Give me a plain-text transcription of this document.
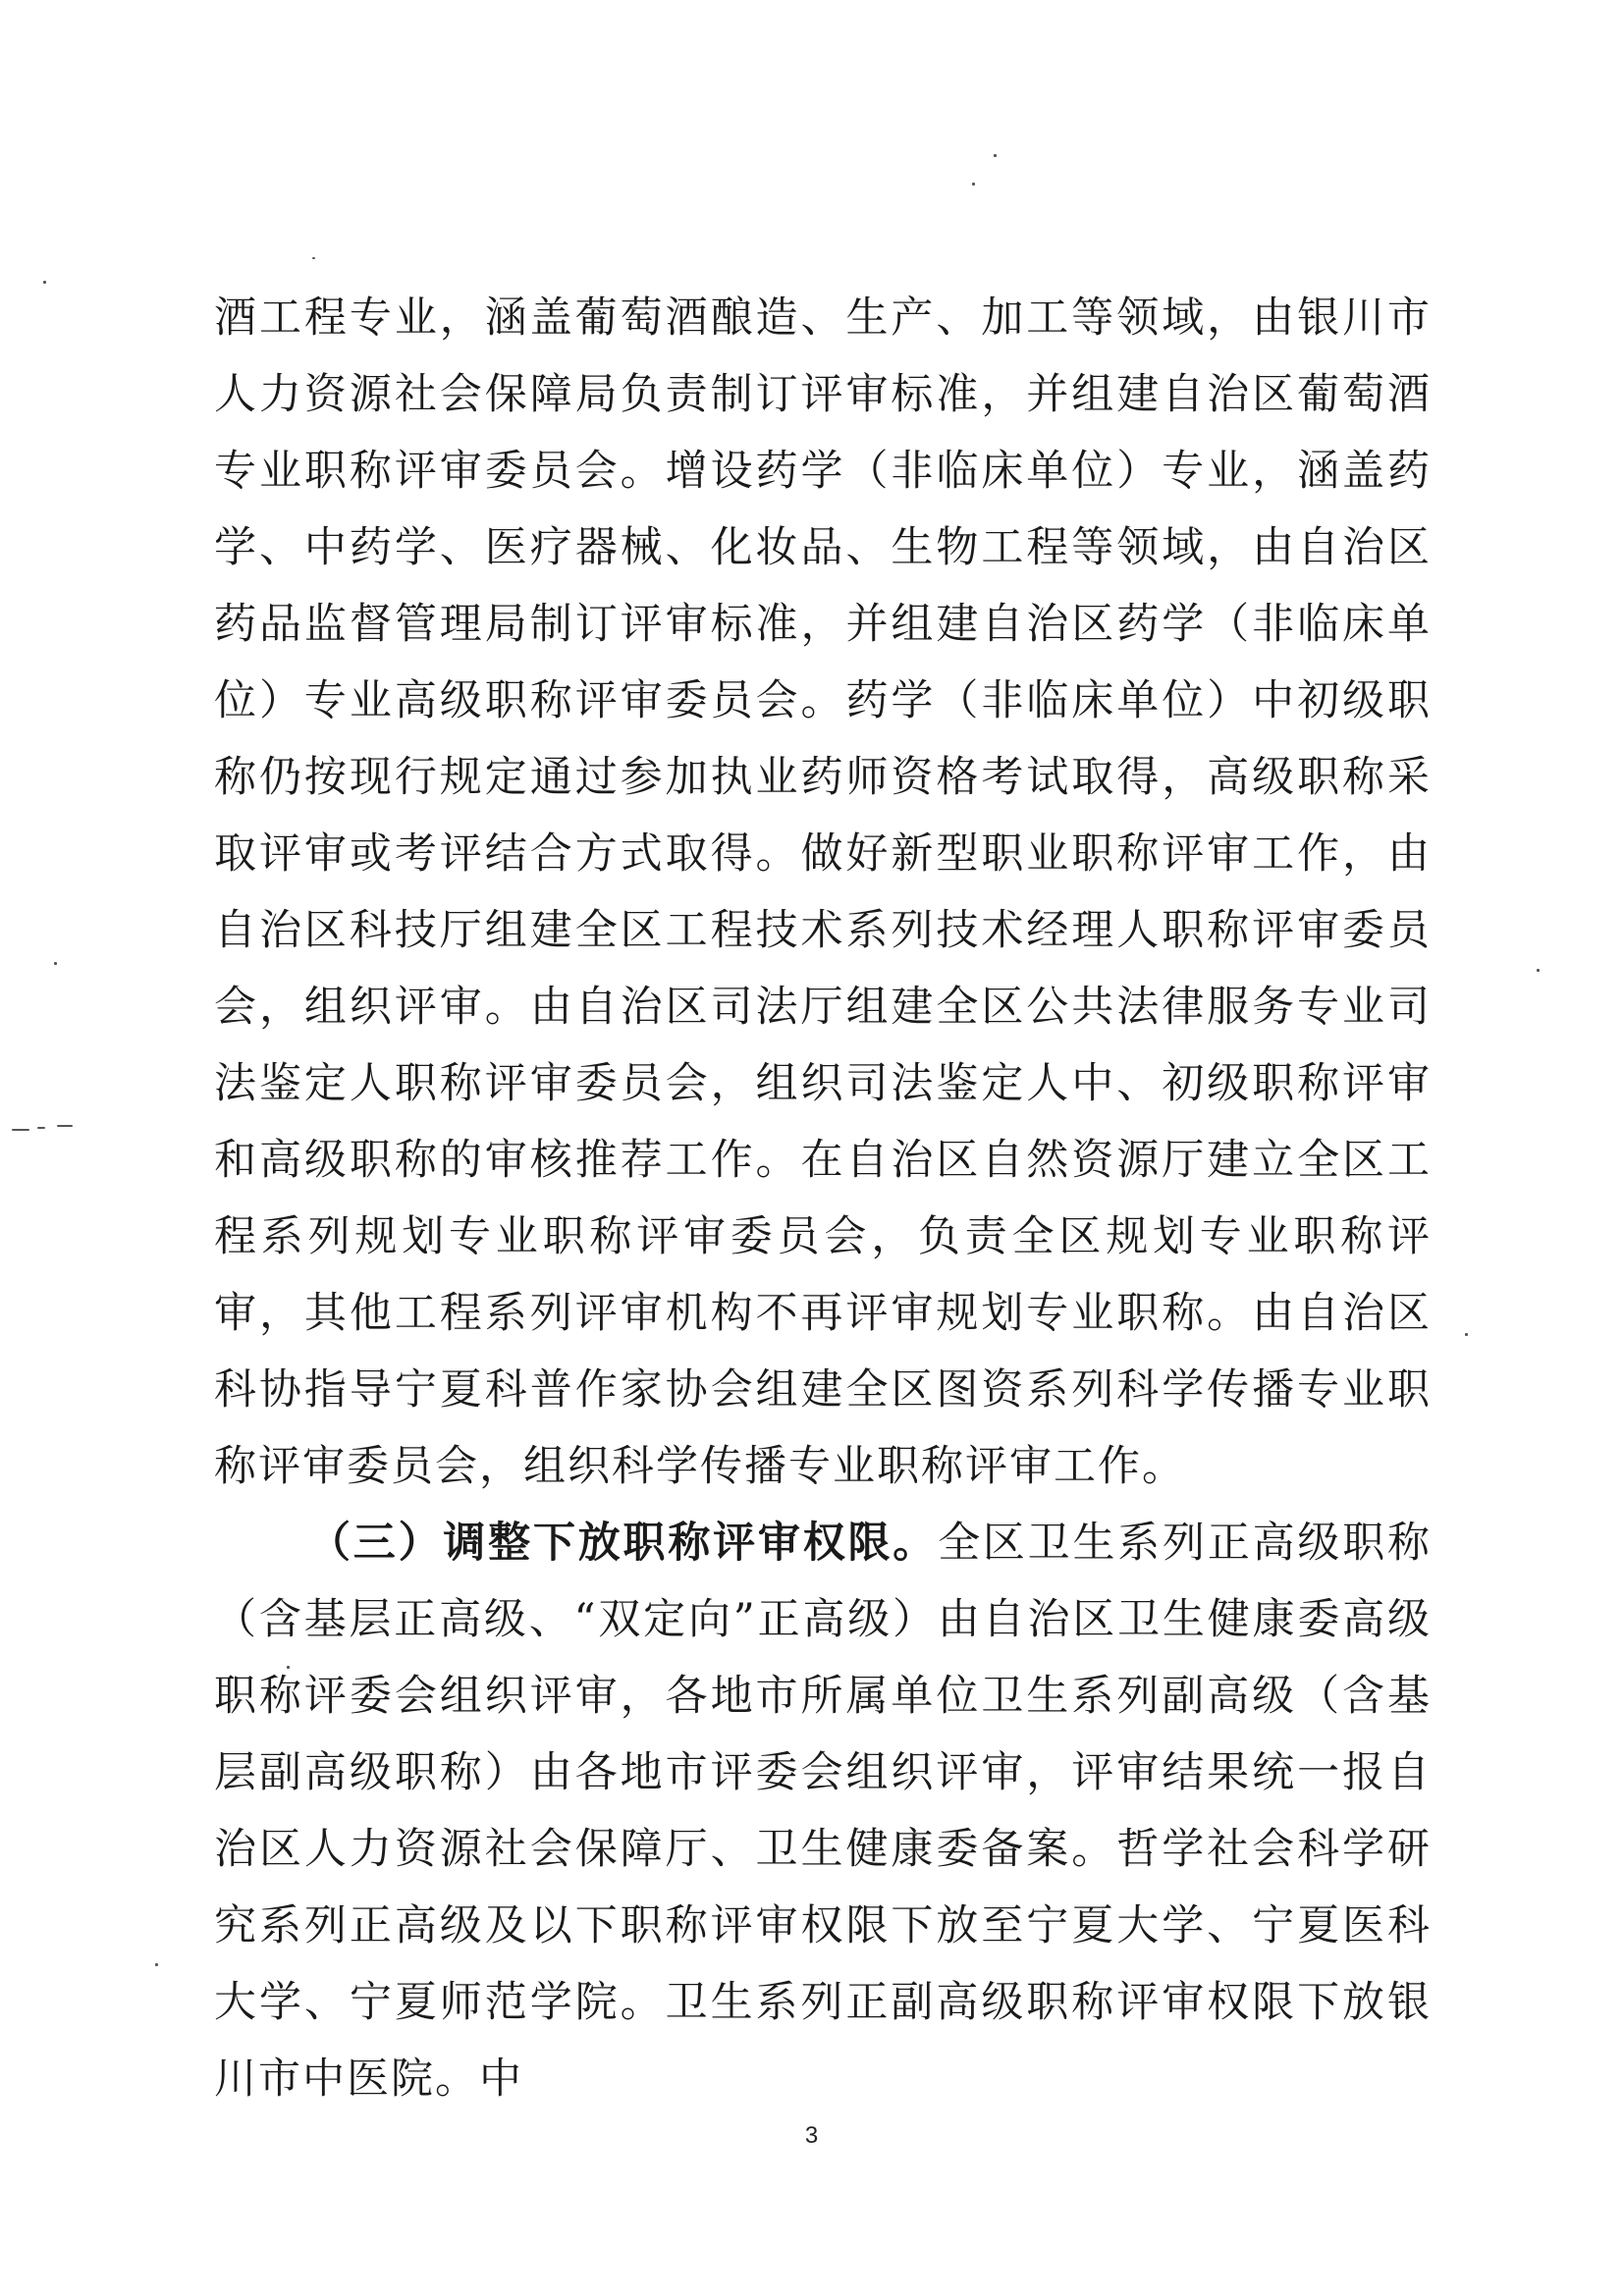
酒工程专业，涵盖葡萄酒酿造、生产、加工等领域，由银川市人力资源社会保障局负责制订评审标准，并组建自治区葡萄酒专业职称评审委员会。增设药学（非临床单位）专业，涵盖药学、中药学、医疗器械、化妆品、生物工程等领域，由自治区药品监督管理局制订评审标准，并组建自治区药学（非临床单位）专业高级职称评审委员会。药学（非临床单位）中初级职称仍按现行规定通过参加执业药师资格考试取得，高级职称采取评审或考评结合方式取得。做好新型职业职称评审工作，由自治区科技厅组建全区工程技术系列技术经理人职称评审委员会，组织评审。由自治区司法厅组建全区公共法律服务专业司法鉴定人职称评审委员会，组织司法鉴定人中、初级职称评审和高级职称的审核推荐工作。在自治区自然资源厅建立全区工程系列规划专业职称评审委员会，负责全区规划专业职称评审，其他工程系列评审机构不再评审规划专业职称。由自治区科协指导宁夏科普作家协会组建全区图资系列科学传播专业职称评审委员会，组织科学传播专业职称评审工作。

（三）调整下放职称评审权限。全区卫生系列正高级职称（含基层正高级、“双定向”正高级）由自治区卫生健康委高级职称评委会组织评审，各地市所属单位卫生系列副高级（含基层副高级职称）由各地市评委会组织评审，评审结果统一报自治区人力资源社会保障厅、卫生健康委备案。哲学社会科学研究系列正高级及以下职称评审权限下放至宁夏大学、宁夏医科大学、宁夏师范学院。卫生系列正副高级职称评审权限下放银川市中医院。中

3
